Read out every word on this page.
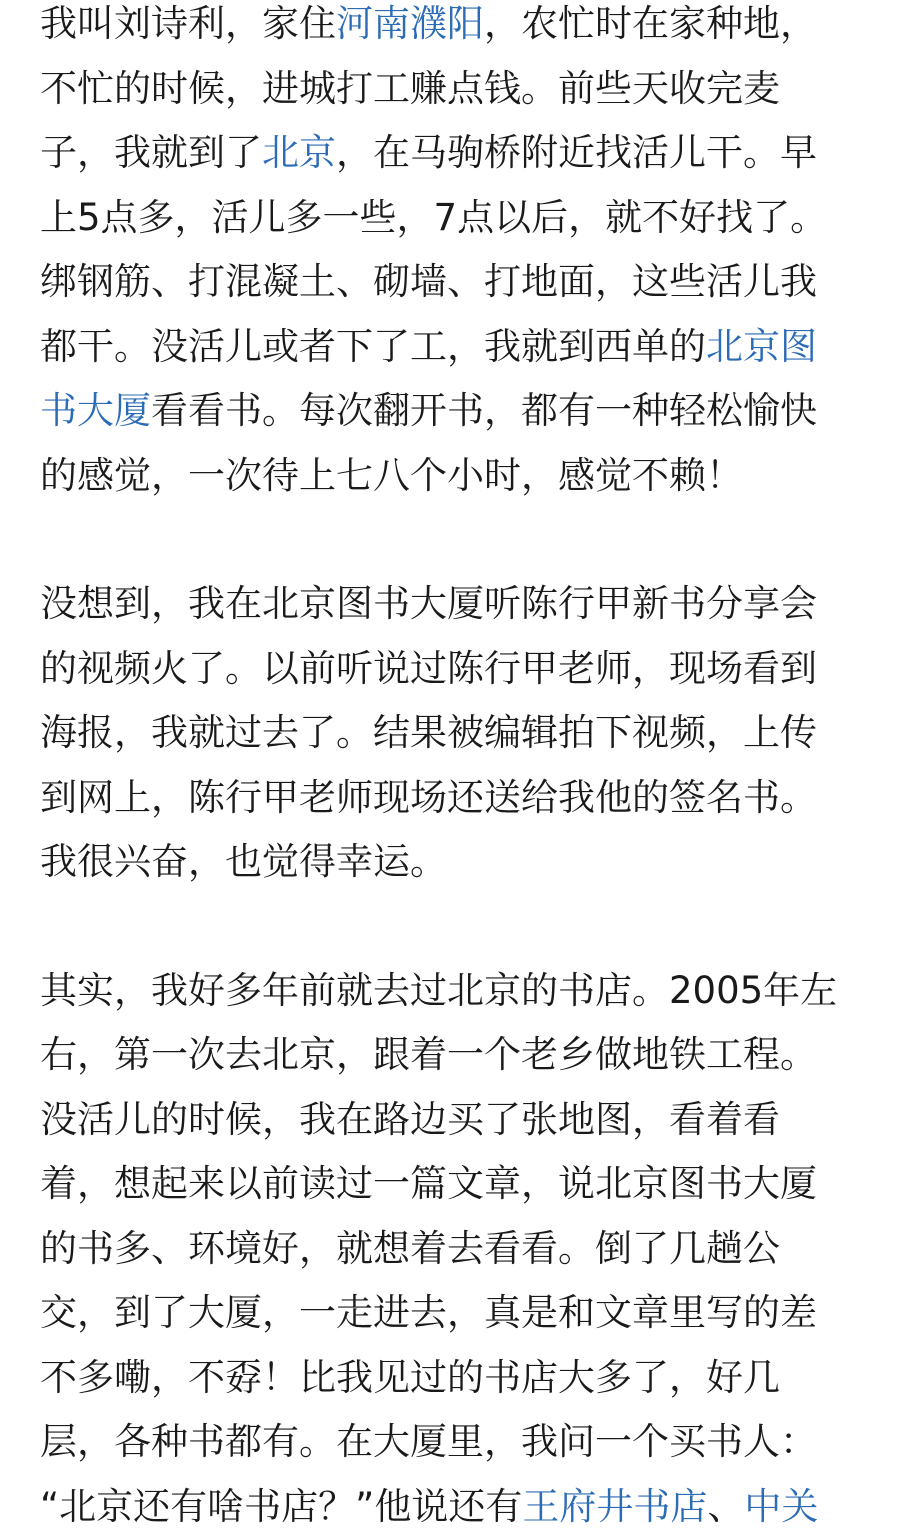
我叫刘诗利，家住河南濮阳，农忙时在家种地，
不忙的时候，进城打工赚点钱。前些天收完麦
子，我就到了北京，在马驹桥附近找活儿干。早
上5点多，活儿多一些，7点以后，就不好找了。
绑钢筋、打混凝土、砌墙、打地面，这些活儿我
都干。没活儿或者下了工，我就到西单的北京图
书大厦看看书。每次翻开书，都有一种轻松愉快
的感觉，一次待上七八个小时，感觉不赖！
没想到，我在北京图书大厦听陈行甲新书分享会
的视频火了。以前听说过陈行甲老师，现场看到
海报，我就过去了。结果被编辑拍下视频，上传
到网上，陈行甲老师现场还送给我他的签名书。
我很兴奋，也觉得幸运。
其实，我好多年前就去过北京的书店。2005年左
右，第一次去北京，跟着一个老乡做地铁工程。
没活儿的时候，我在路边买了张地图，看着看
着，想起来以前读过一篇文章，说北京图书大厦
的书多、环境好，就想着去看看。倒了几趟公
交，到了大厦，一走进去，真是和文章里写的差
不多嘞，不孬！比我见过的书店大多了，好几
层，各种书都有。在大厦里，我问一个买书人：
“北京还有啥书店？”他说还有王府井书店、中关
